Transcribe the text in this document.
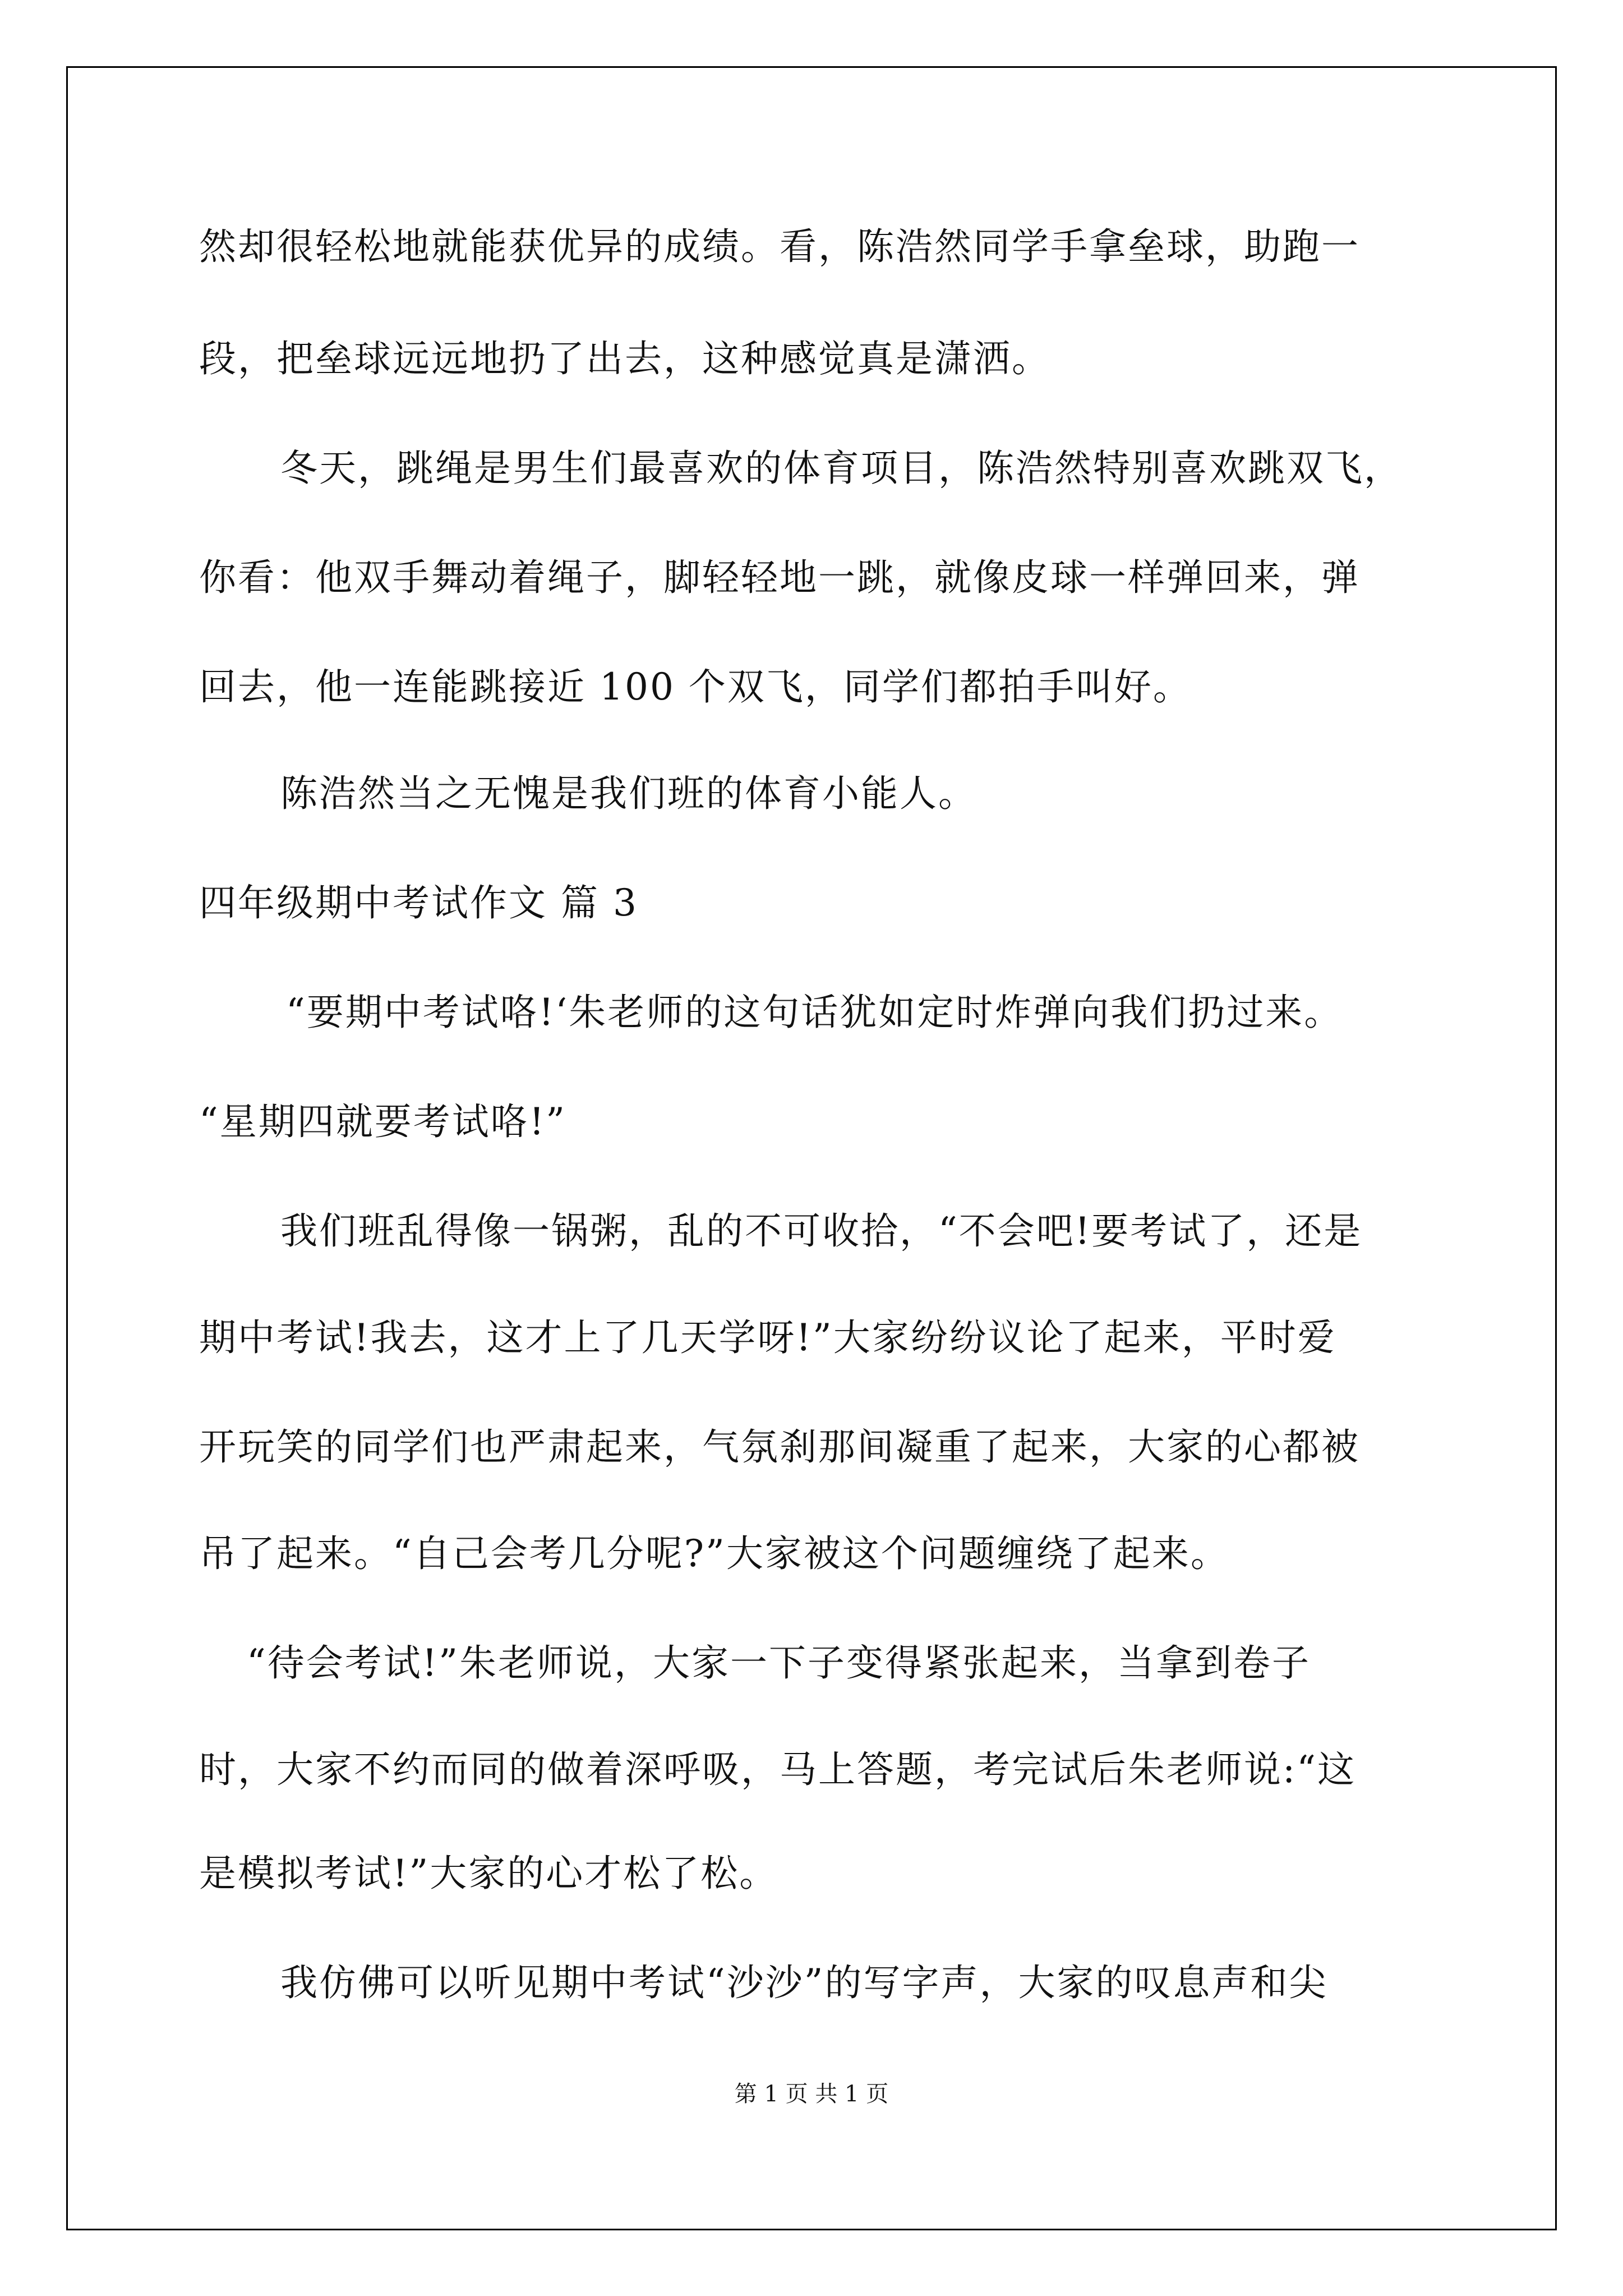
然却很轻松地就能获优异的成绩。看，陈浩然同学手拿垒球，助跑一
段，把垒球远远地扔了出去，这种感觉真是潇洒。
冬天，跳绳是男生们最喜欢的体育项目，陈浩然特别喜欢跳双飞，
你看：他双手舞动着绳子，脚轻轻地一跳，就像皮球一样弹回来，弹
回去，他一连能跳接近 100 个双飞，同学们都拍手叫好。
陈浩然当之无愧是我们班的体育小能人。
四年级期中考试作文 篇 3
“要期中考试咯!‘朱老师的这句话犹如定时炸弹向我们扔过来。
“星期四就要考试咯!”
我们班乱得像一锅粥，乱的不可收拾，“不会吧!要考试了，还是
期中考试!我去，这才上了几天学呀!”大家纷纷议论了起来，平时爱
开玩笑的同学们也严肃起来，气氛刹那间凝重了起来，大家的心都被
吊了起来。“自己会考几分呢?”大家被这个问题缠绕了起来。
“待会考试!”朱老师说，大家一下子变得紧张起来，当拿到卷子
时，大家不约而同的做着深呼吸，马上答题，考完试后朱老师说:“这
是模拟考试!”大家的心才松了松。
我仿佛可以听见期中考试“沙沙”的写字声，大家的叹息声和尖
第 1 页 共 1 页
